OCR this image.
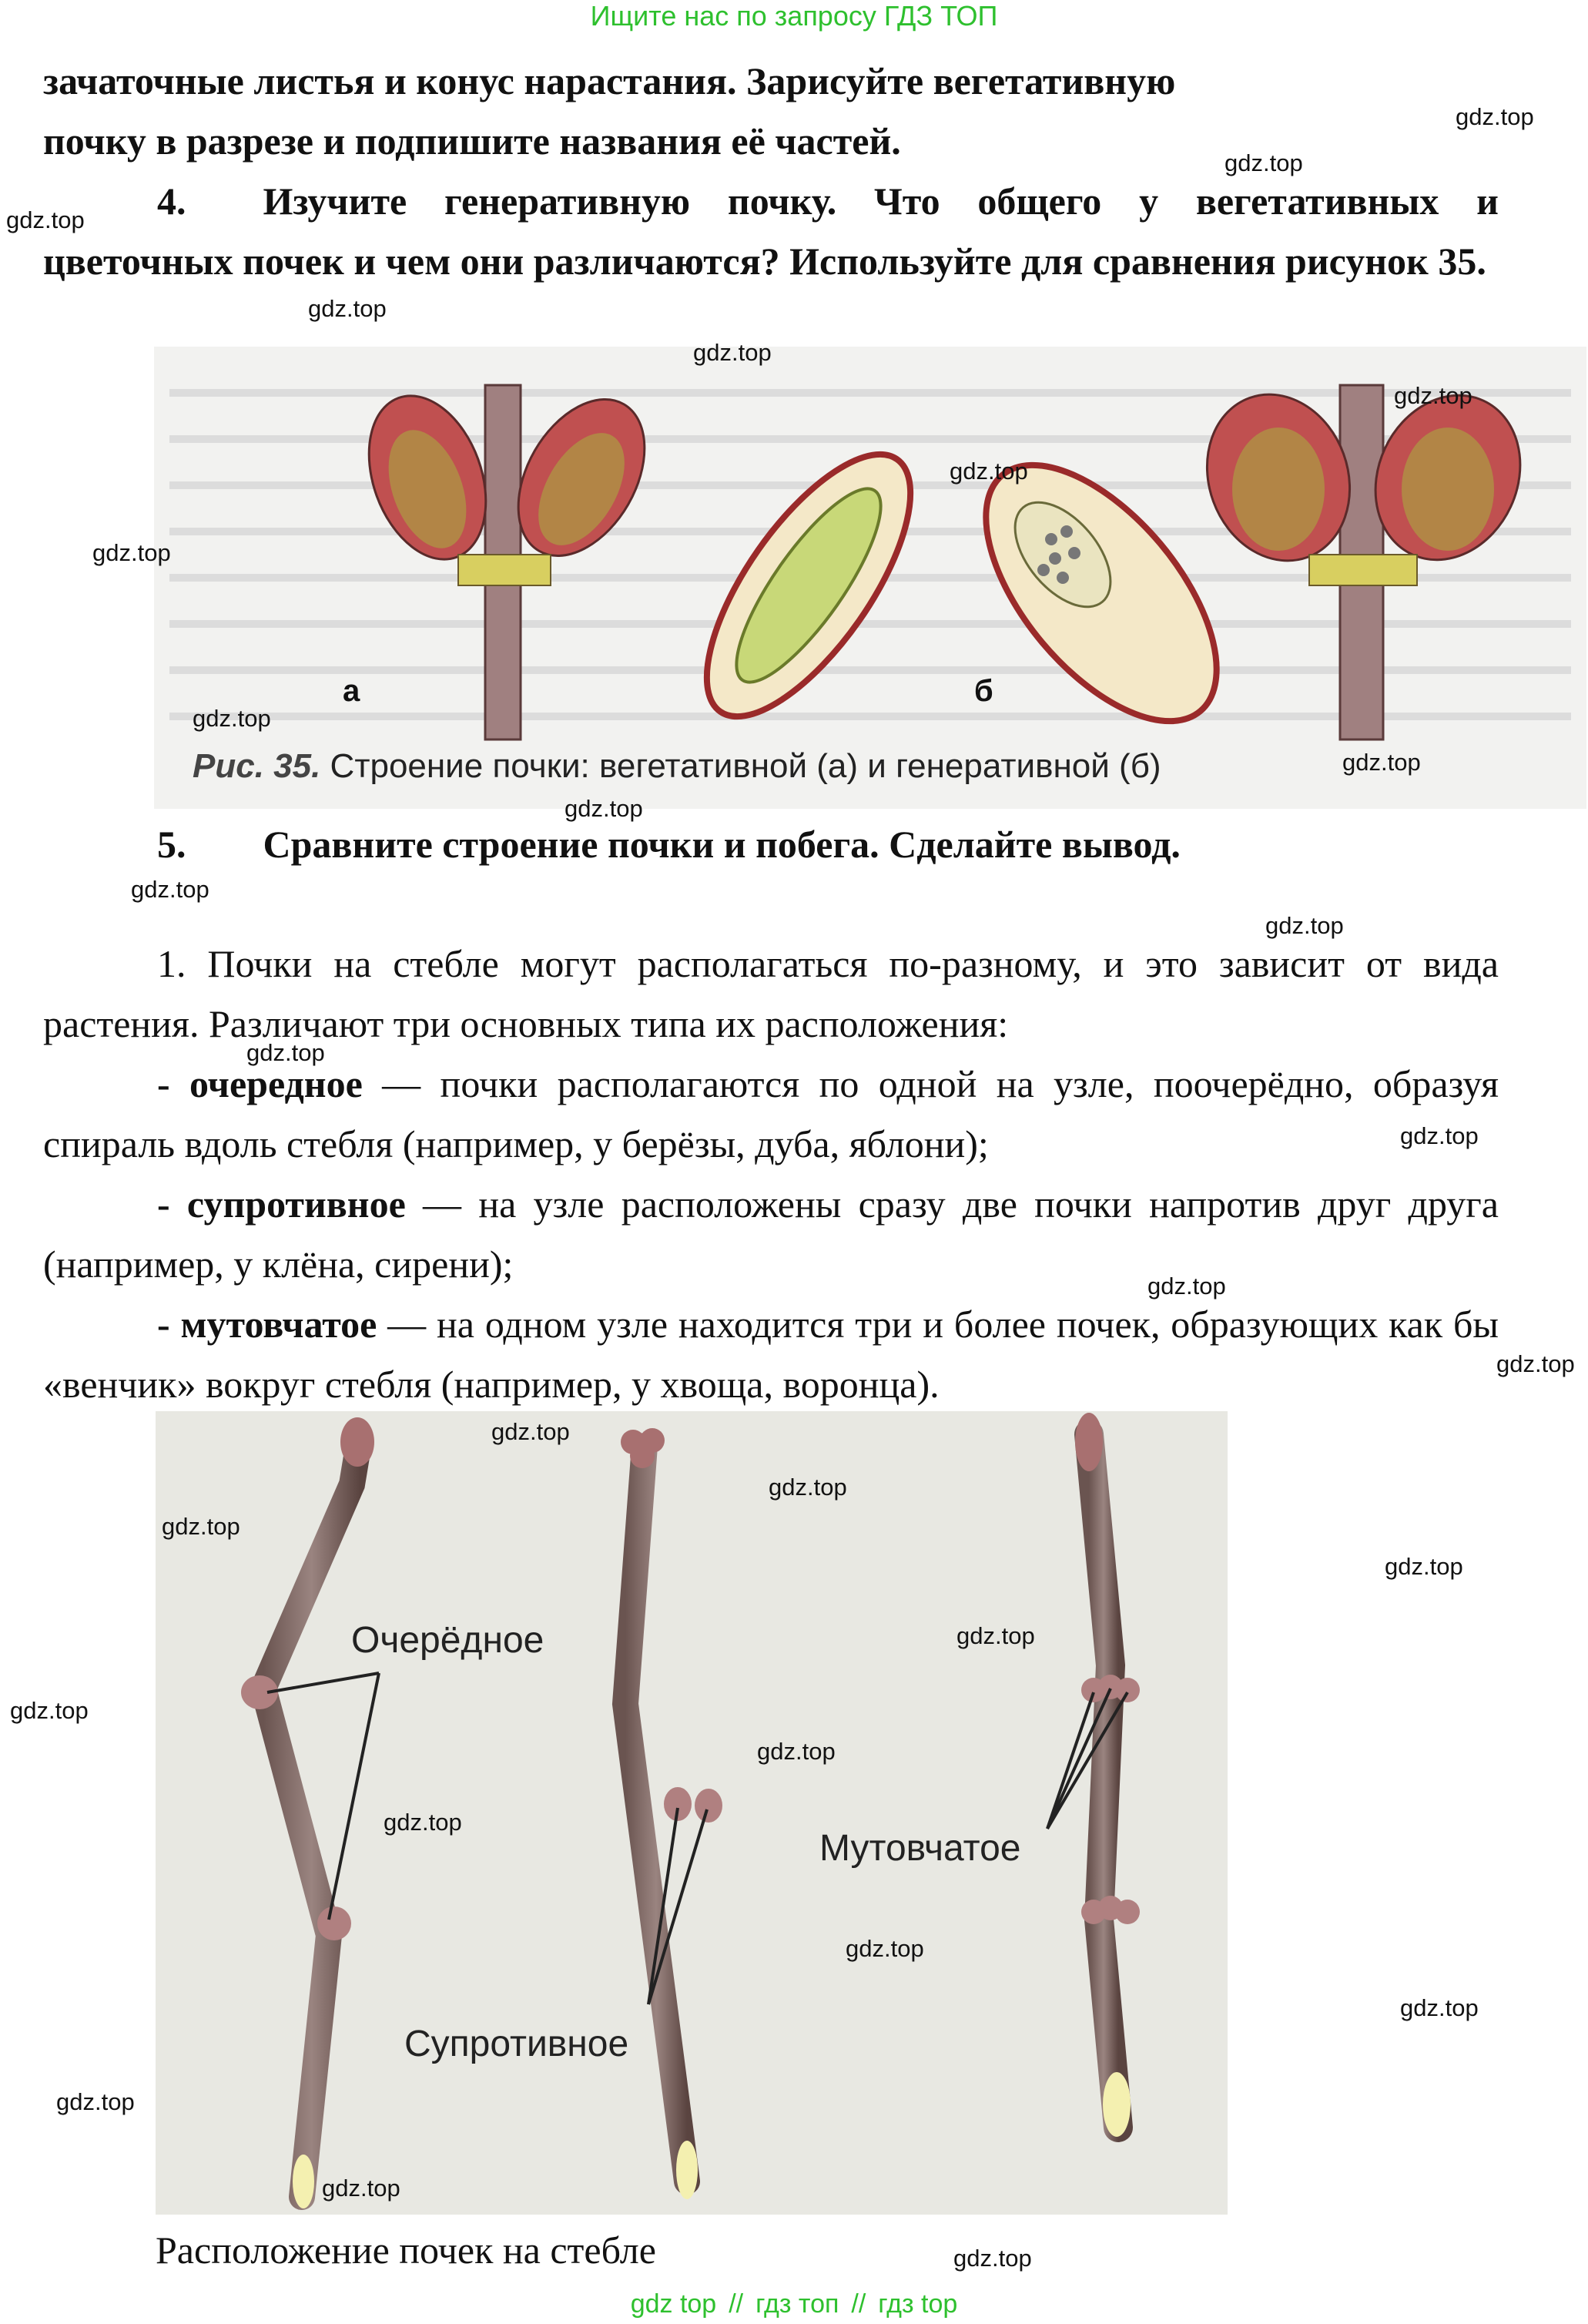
Ищите нас по запросу ГДЗ ТОП
зачаточные листья и конус нарастания. Зарисуйте вегетативную
почку в разрезе и подпишите названия её частей.
4. Изучите генеративную почку. Что общего у вегетативных и цветочных почек и чем они различаются? Используйте для сравнения рисунок 35.
а	б
Рис. 35. Строение почки: вегетативной (а) и генеративной (б)
5. Сравните строение почки и побега. Сделайте вывод.
1. Почки на стебле могут располагаться по-разному, и это зависит от вида растения. Различают три основных типа их расположения:
- очередное — почки располагаются по одной на узле, поочерёдно, образуя спираль вдоль стебля (например, у берёзы, дуба, яблони);
- супротивное — на узле расположены сразу две почки напротив друг друга (например, у клёна, сирени);
- мутовчатое — на одном узле находится три и более почек, образующих как бы «венчик» вокруг стебля (например, у хвоща, воронца).
Очерёдное
Супротивное
Мутовчатое
Расположение почек на стебле
gdz.top
gdz.top
gdz.top
gdz.top
gdz.top
gdz.top
gdz.top
gdz.top
gdz.top
gdz.top
gdz.top
gdz.top
gdz.top
gdz.top
gdz.top
gdz.top
gdz.top
gdz.top
gdz.top
gdz.top
gdz.top
gdz.top
gdz.top
gdz.top
gdz.top
gdz.top
gdz.top
gdz.top
gdz.top
gdz.top
gdz top // гдз топ // гдз top
